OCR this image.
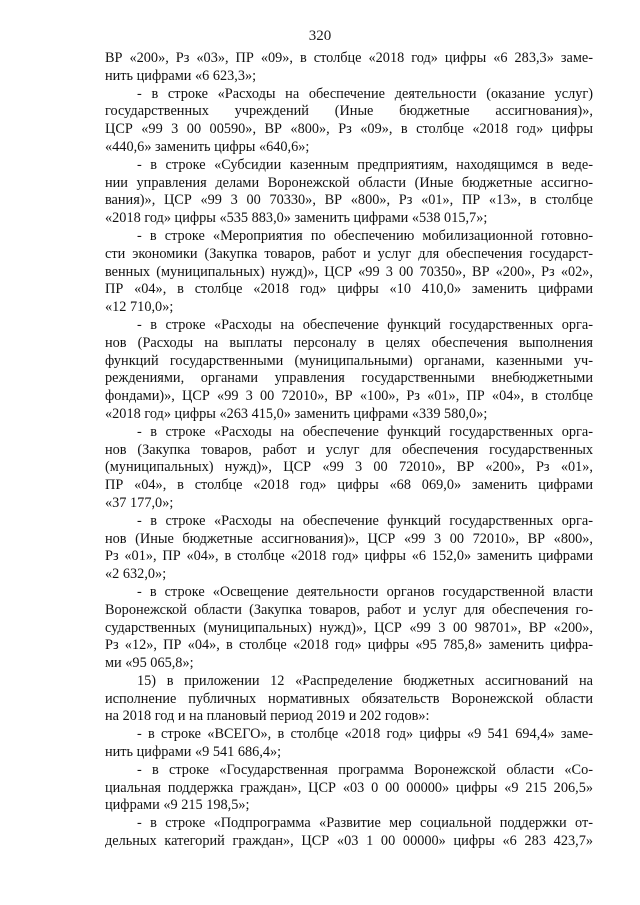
320
ВР «200», Рз «03», ПР «09», в столбце «2018 год» цифры «6 283,3» заме-
нить цифрами «6 623,3»;
- в строке «Расходы на обеспечение деятельности (оказание услуг)
государственных учреждений (Иные бюджетные ассигнования)»,
ЦСР «99 3 00 00590», ВР «800», Рз «09», в столбце «2018 год» цифры
«440,6» заменить цифры «640,6»;
- в строке «Субсидии казенным предприятиям, находящимся в веде-
нии управления делами Воронежской области (Иные бюджетные ассигно-
вания)», ЦСР «99 3 00 70330», ВР «800», Рз «01», ПР «13», в столбце
«2018 год» цифры «535 883,0» заменить цифрами «538 015,7»;
- в строке «Мероприятия по обеспечению мобилизационной готовно-
сти экономики (Закупка товаров, работ и услуг для обеспечения государст-
венных (муниципальных) нужд)», ЦСР «99 3 00 70350», ВР «200», Рз «02»,
ПР «04», в столбце «2018 год» цифры «10 410,0» заменить цифрами
«12 710,0»;
- в строке «Расходы на обеспечение функций государственных орга-
нов (Расходы на выплаты персоналу в целях обеспечения выполнения
функций государственными (муниципальными) органами, казенными уч-
реждениями, органами управления государственными внебюджетными
фондами)», ЦСР «99 3 00 72010», ВР «100», Рз «01», ПР «04», в столбце
«2018 год» цифры «263 415,0» заменить цифрами «339 580,0»;
- в строке «Расходы на обеспечение функций государственных орга-
нов (Закупка товаров, работ и услуг для обеспечения государственных
(муниципальных) нужд)», ЦСР «99 3 00 72010», ВР «200», Рз «01»,
ПР «04», в столбце «2018 год» цифры «68 069,0» заменить цифрами
«37 177,0»;
- в строке «Расходы на обеспечение функций государственных орга-
нов (Иные бюджетные ассигнования)», ЦСР «99 3 00 72010», ВР «800»,
Рз «01», ПР «04», в столбце «2018 год» цифры «6 152,0» заменить цифрами
«2 632,0»;
- в строке «Освещение деятельности органов государственной власти
Воронежской области (Закупка товаров, работ и услуг для обеспечения го-
сударственных (муниципальных) нужд)», ЦСР «99 3 00 98701», ВР «200»,
Рз «12», ПР «04», в столбце «2018 год» цифры «95 785,8» заменить цифра-
ми «95 065,8»;
15) в приложении 12 «Распределение бюджетных ассигнований на
исполнение публичных нормативных обязательств Воронежской области
на 2018 год и на плановый период 2019 и 202 годов»:
- в строке «ВСЕГО», в столбце «2018 год» цифры «9 541 694,4» заме-
нить цифрами «9 541 686,4»;
- в строке «Государственная программа Воронежской области «Со-
циальная поддержка граждан», ЦСР «03 0 00 00000» цифры «9 215 206,5»
цифрами «9 215 198,5»;
- в строке «Подпрограмма «Развитие мер социальной поддержки от-
дельных категорий граждан», ЦСР «03 1 00 00000» цифры «6 283 423,7»
